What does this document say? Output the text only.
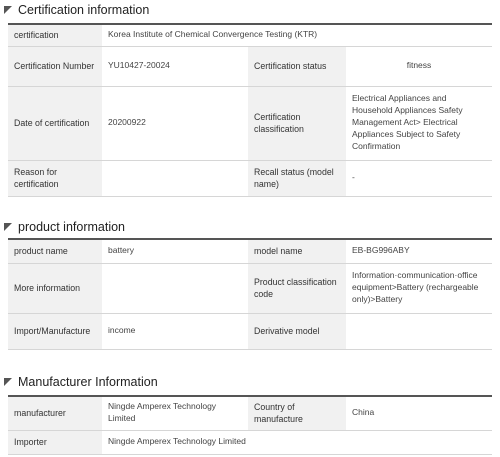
Certification information
certification	Korea Institute of Chemical Convergence Testing (KTR)		
Certification Number	YU10427-20024	Certification status	fitness
Date of certification	20200922	Certification classification	Electrical Appliances and Household Appliances Safety Management Act> Electrical Appliances Subject to Safety Confirmation
Reason for certification		Recall status (model name)	-
product information
product name	battery	model name	EB-BG996ABY
More information		Product classification code	Information·communication·office equipment>Battery (rechargeable only)>Battery
Import/Manufacture	income	Derivative model	
Manufacturer Information
manufacturer	Ningde Amperex Technology Limited	Country of manufacture	China
Importer	Ningde Amperex Technology Limited		
